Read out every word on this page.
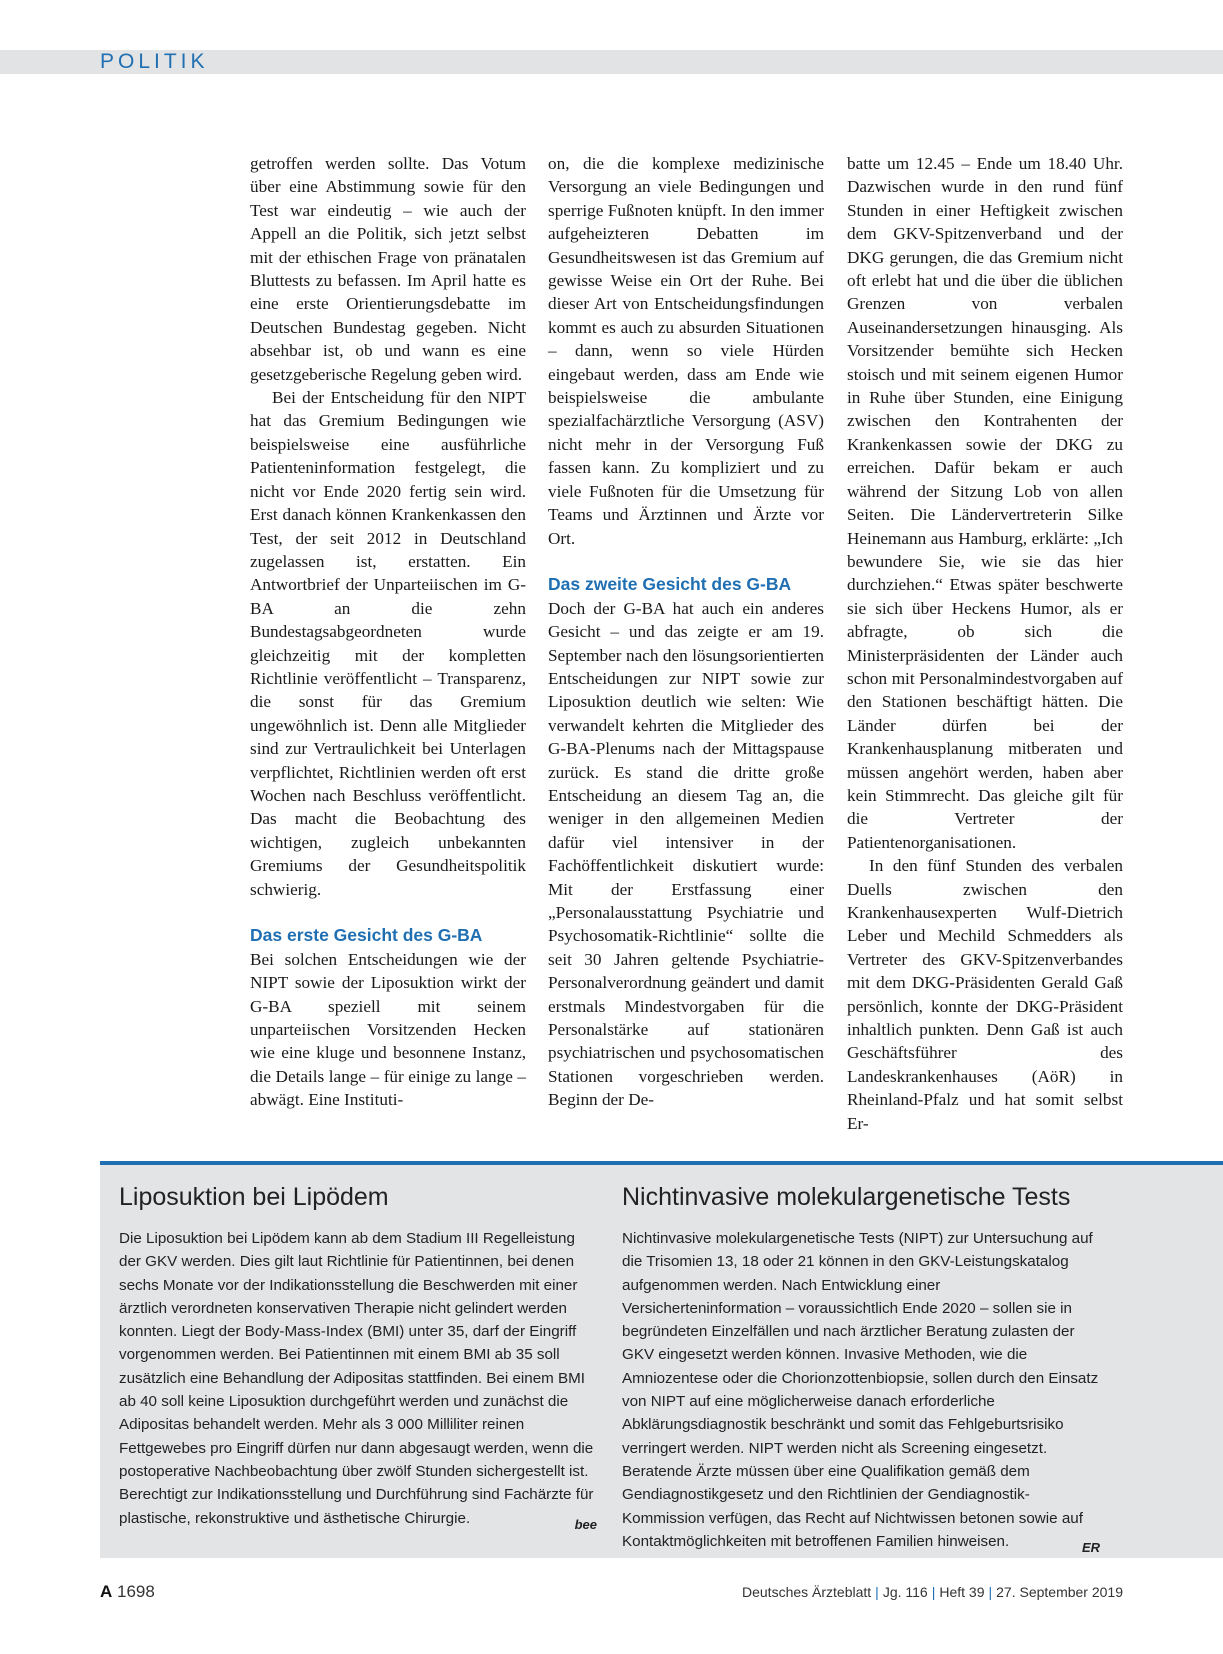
POLITIK

getroffen werden sollte. Das Votum über eine Abstimmung sowie für den Test war eindeutig – wie auch der Appell an die Politik, sich jetzt selbst mit der ethischen Frage von pränatalen Bluttests zu befassen. Im April hatte es eine erste Orientierungsdebatte im Deutschen Bundestag gegeben. Nicht absehbar ist, ob und wann es eine gesetzgeberische Regelung geben wird.

Bei der Entscheidung für den NIPT hat das Gremium Bedingungen wie beispielsweise eine ausführliche Patienteninformation festgelegt, die nicht vor Ende 2020 fertig sein wird. Erst danach können Krankenkassen den Test, der seit 2012 in Deutschland zugelassen ist, erstatten. Ein Antwortbrief der Unparteiischen im G-BA an die zehn Bundestagsabgeordneten wurde gleichzeitig mit der kompletten Richtlinie veröffentlicht – Transparenz, die sonst für das Gremium ungewöhnlich ist. Denn alle Mitglieder sind zur Vertraulichkeit bei Unterlagen verpflichtet, Richtlinien werden oft erst Wochen nach Beschluss veröffentlicht. Das macht die Beobachtung des wichtigen, zugleich unbekannten Gremiums der Gesundheitspolitik schwierig.

Das erste Gesicht des G-BA

Bei solchen Entscheidungen wie der NIPT sowie der Liposuktion wirkt der G-BA speziell mit seinem unparteiischen Vorsitzenden Hecken wie eine kluge und besonnene Instanz, die Details lange – für einige zu lange – abwägt. Eine Instituti-

on, die die komplexe medizinische Versorgung an viele Bedingungen und sperrige Fußnoten knüpft. In den immer aufgeheizteren Debatten im Gesundheitswesen ist das Gremium auf gewisse Weise ein Ort der Ruhe. Bei dieser Art von Entscheidungsfindungen kommt es auch zu absurden Situationen – dann, wenn so viele Hürden eingebaut werden, dass am Ende wie beispielsweise die ambulante spezialfachärztliche Versorgung (ASV) nicht mehr in der Versorgung Fuß fassen kann. Zu kompliziert und zu viele Fußnoten für die Umsetzung für Teams und Ärztinnen und Ärzte vor Ort.

Das zweite Gesicht des G-BA

Doch der G-BA hat auch ein anderes Gesicht – und das zeigte er am 19. September nach den lösungsorientierten Entscheidungen zur NIPT sowie zur Liposuktion deutlich wie selten: Wie verwandelt kehrten die Mitglieder des G-BA-Plenums nach der Mittagspause zurück. Es stand die dritte große Entscheidung an diesem Tag an, die weniger in den allgemeinen Medien dafür viel intensiver in der Fachöffentlichkeit diskutiert wurde: Mit der Erstfassung einer „Personalausstattung Psychiatrie und Psychosomatik-Richtlinie“ sollte die seit 30 Jahren geltende Psychiatrie-Personalverordnung geändert und damit erstmals Mindestvorgaben für die Personalstärke auf stationären psychiatrischen und psychosomatischen Stationen vorgeschrieben werden. Beginn der De-

batte um 12.45 – Ende um 18.40 Uhr. Dazwischen wurde in den rund fünf Stunden in einer Heftigkeit zwischen dem GKV-Spitzenverband und der DKG gerungen, die das Gremium nicht oft erlebt hat und die über die üblichen Grenzen von verbalen Auseinandersetzungen hinausging. Als Vorsitzender bemühte sich Hecken stoisch und mit seinem eigenen Humor in Ruhe über Stunden, eine Einigung zwischen den Kontrahenten der Krankenkassen sowie der DKG zu erreichen. Dafür bekam er auch während der Sitzung Lob von allen Seiten. Die Ländervertreterin Silke Heinemann aus Hamburg, erklärte: „Ich bewundere Sie, wie sie das hier durchziehen.“ Etwas später beschwerte sie sich über Heckens Humor, als er abfragte, ob sich die Ministerpräsidenten der Länder auch schon mit Personalmindestvorgaben auf den Stationen beschäftigt hätten. Die Länder dürfen bei der Krankenhausplanung mitberaten und müssen angehört werden, haben aber kein Stimmrecht. Das gleiche gilt für die Vertreter der Patientenorganisationen.

In den fünf Stunden des verbalen Duells zwischen den Krankenhausexperten Wulf-Dietrich Leber und Mechild Schmedders als Vertreter des GKV-Spitzenverbandes mit dem DKG-Präsidenten Gerald Gaß persönlich, konnte der DKG-Präsident inhaltlich punkten. Denn Gaß ist auch Geschäftsführer des Landeskrankenhauses (AöR) in Rheinland-Pfalz und hat somit selbst Er-

Liposuktion bei Lipödem

Die Liposuktion bei Lipödem kann ab dem Stadium III Regelleistung der GKV werden. Dies gilt laut Richtlinie für Patientinnen, bei denen sechs Monate vor der Indikationsstellung die Beschwerden mit einer ärztlich verordneten konservativen Therapie nicht gelindert werden konnten. Liegt der Body-Mass-Index (BMI) unter 35, darf der Eingriff vorgenommen werden. Bei Patientinnen mit einem BMI ab 35 soll zusätzlich eine Behandlung der Adipositas stattfinden. Bei einem BMI ab 40 soll keine Liposuktion durchgeführt werden und zunächst die Adipositas behandelt werden. Mehr als 3 000 Milliliter reinen Fettgewebes pro Eingriff dürfen nur dann abgesaugt werden, wenn die postoperative Nachbeobachtung über zwölf Stunden sichergestellt ist. Berechtigt zur Indikationsstellung und Durchführung sind Fachärzte für plastische, rekonstruktive und ästhetische Chirurgie.	bee
Nichtinvasive molekulargenetische Tests

Nichtinvasive molekulargenetische Tests (NIPT) zur Untersuchung auf die Trisomien 13, 18 oder 21 können in den GKV-Leistungskatalog aufgenommen werden. Nach Entwicklung einer Versicherteninformation – voraussichtlich Ende 2020 – sollen sie in begründeten Einzelfällen und nach ärztlicher Beratung zulasten der GKV eingesetzt werden können. Invasive Methoden, wie die Amniozentese oder die Chorionzottenbiopsie, sollen durch den Einsatz von NIPT auf eine möglicherweise danach erforderliche Abklärungsdiagnostik beschränkt und somit das Fehlgeburtsrisiko verringert werden. NIPT werden nicht als Screening eingesetzt. Beratende Ärzte müssen über eine Qualifikation gemäß dem Gendiagnostikgesetz und den Richtlinien der Gendiagnostik-Kommission verfügen, das Recht auf Nichtwissen betonen sowie auf Kontaktmöglichkeiten mit betroffenen Familien hinweisen.	ER
A 1698	Deutsches Ärzteblatt | Jg. 116 | Heft 39 | 27. September 2019
